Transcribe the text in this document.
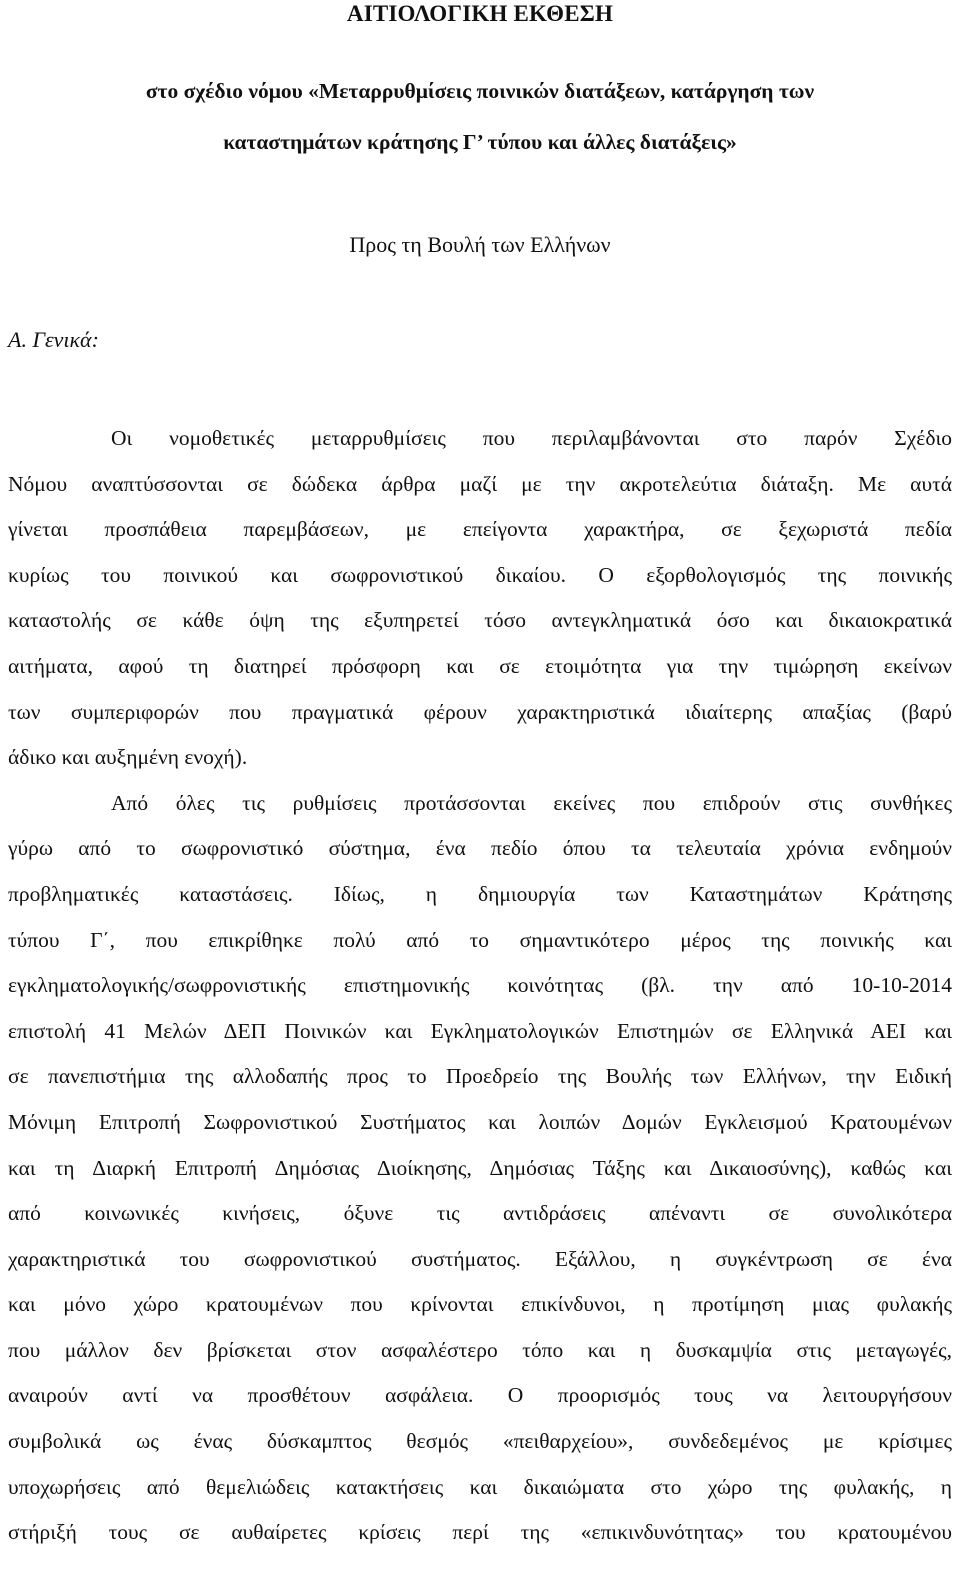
ΑΙΤΙΟΛΟΓΙΚΗ ΕΚΘΕΣΗ
στο σχέδιο νόμου «Μεταρρυθμίσεις ποινικών διατάξεων, κατάργηση των
καταστημάτων κράτησης Γ’ τύπου και άλλες διατάξεις»
Προς τη Βουλή των Ελλήνων
Α. Γενικά:
Οι νομοθετικές μεταρρυθμίσεις που περιλαμβάνονται στο παρόν Σχέδιο
Νόμου αναπτύσσονται σε δώδεκα άρθρα μαζί με την ακροτελεύτια διάταξη. Με αυτά
γίνεται προσπάθεια παρεμβάσεων, με επείγοντα χαρακτήρα, σε ξεχωριστά πεδία
κυρίως του ποινικού και σωφρονιστικού δικαίου. Ο εξορθολογισμός της ποινικής
καταστολής σε κάθε όψη της εξυπηρετεί τόσο αντεγκληματικά όσο και δικαιοκρατικά
αιτήματα, αφού τη διατηρεί πρόσφορη και σε ετοιμότητα για την τιμώρηση εκείνων
των συμπεριφορών που πραγματικά φέρουν χαρακτηριστικά ιδιαίτερης απαξίας (βαρύ
άδικο και αυξημένη ενοχή).
Από όλες τις ρυθμίσεις προτάσσονται εκείνες που επιδρούν στις συνθήκες
γύρω από το σωφρονιστικό σύστημα, ένα πεδίο όπου τα τελευταία χρόνια ενδημούν
προβληματικές καταστάσεις. Ιδίως, η δημιουργία των Καταστημάτων Κράτησης
τύπου Γ΄, που επικρίθηκε πολύ από το σημαντικότερο μέρος της ποινικής και
εγκληματολογικής/σωφρονιστικής επιστημονικής κοινότητας (βλ. την από 10-10-2014
επιστολή 41 Μελών ΔΕΠ Ποινικών και Εγκληματολογικών Επιστημών σε Ελληνικά ΑΕΙ και
σε πανεπιστήμια της αλλοδαπής προς το Προεδρείο της Βουλής των Ελλήνων, την Ειδική
Μόνιμη Επιτροπή Σωφρονιστικού Συστήματος και λοιπών Δομών Εγκλεισμού Κρατουμένων
και τη Διαρκή Επιτροπή Δημόσιας Διοίκησης, Δημόσιας Τάξης και Δικαιοσύνης), καθώς και
από κοινωνικές κινήσεις, όξυνε τις αντιδράσεις απέναντι σε συνολικότερα
χαρακτηριστικά του σωφρονιστικού συστήματος. Εξάλλου, η συγκέντρωση σε ένα
και μόνο χώρο κρατουμένων που κρίνονται επικίνδυνοι, η προτίμηση μιας φυλακής
που μάλλον δεν βρίσκεται στον ασφαλέστερο τόπο και η δυσκαμψία στις μεταγωγές,
αναιρούν αντί να προσθέτουν ασφάλεια. Ο προορισμός τους να λειτουργήσουν
συμβολικά ως ένας δύσκαμπτος θεσμός «πειθαρχείου», συνδεδεμένος με κρίσιμες
υποχωρήσεις από θεμελιώδεις κατακτήσεις και δικαιώματα στο χώρο της φυλακής, η
στήριξή τους σε αυθαίρετες κρίσεις περί της «επικινδυνότητας» του κρατουμένου
